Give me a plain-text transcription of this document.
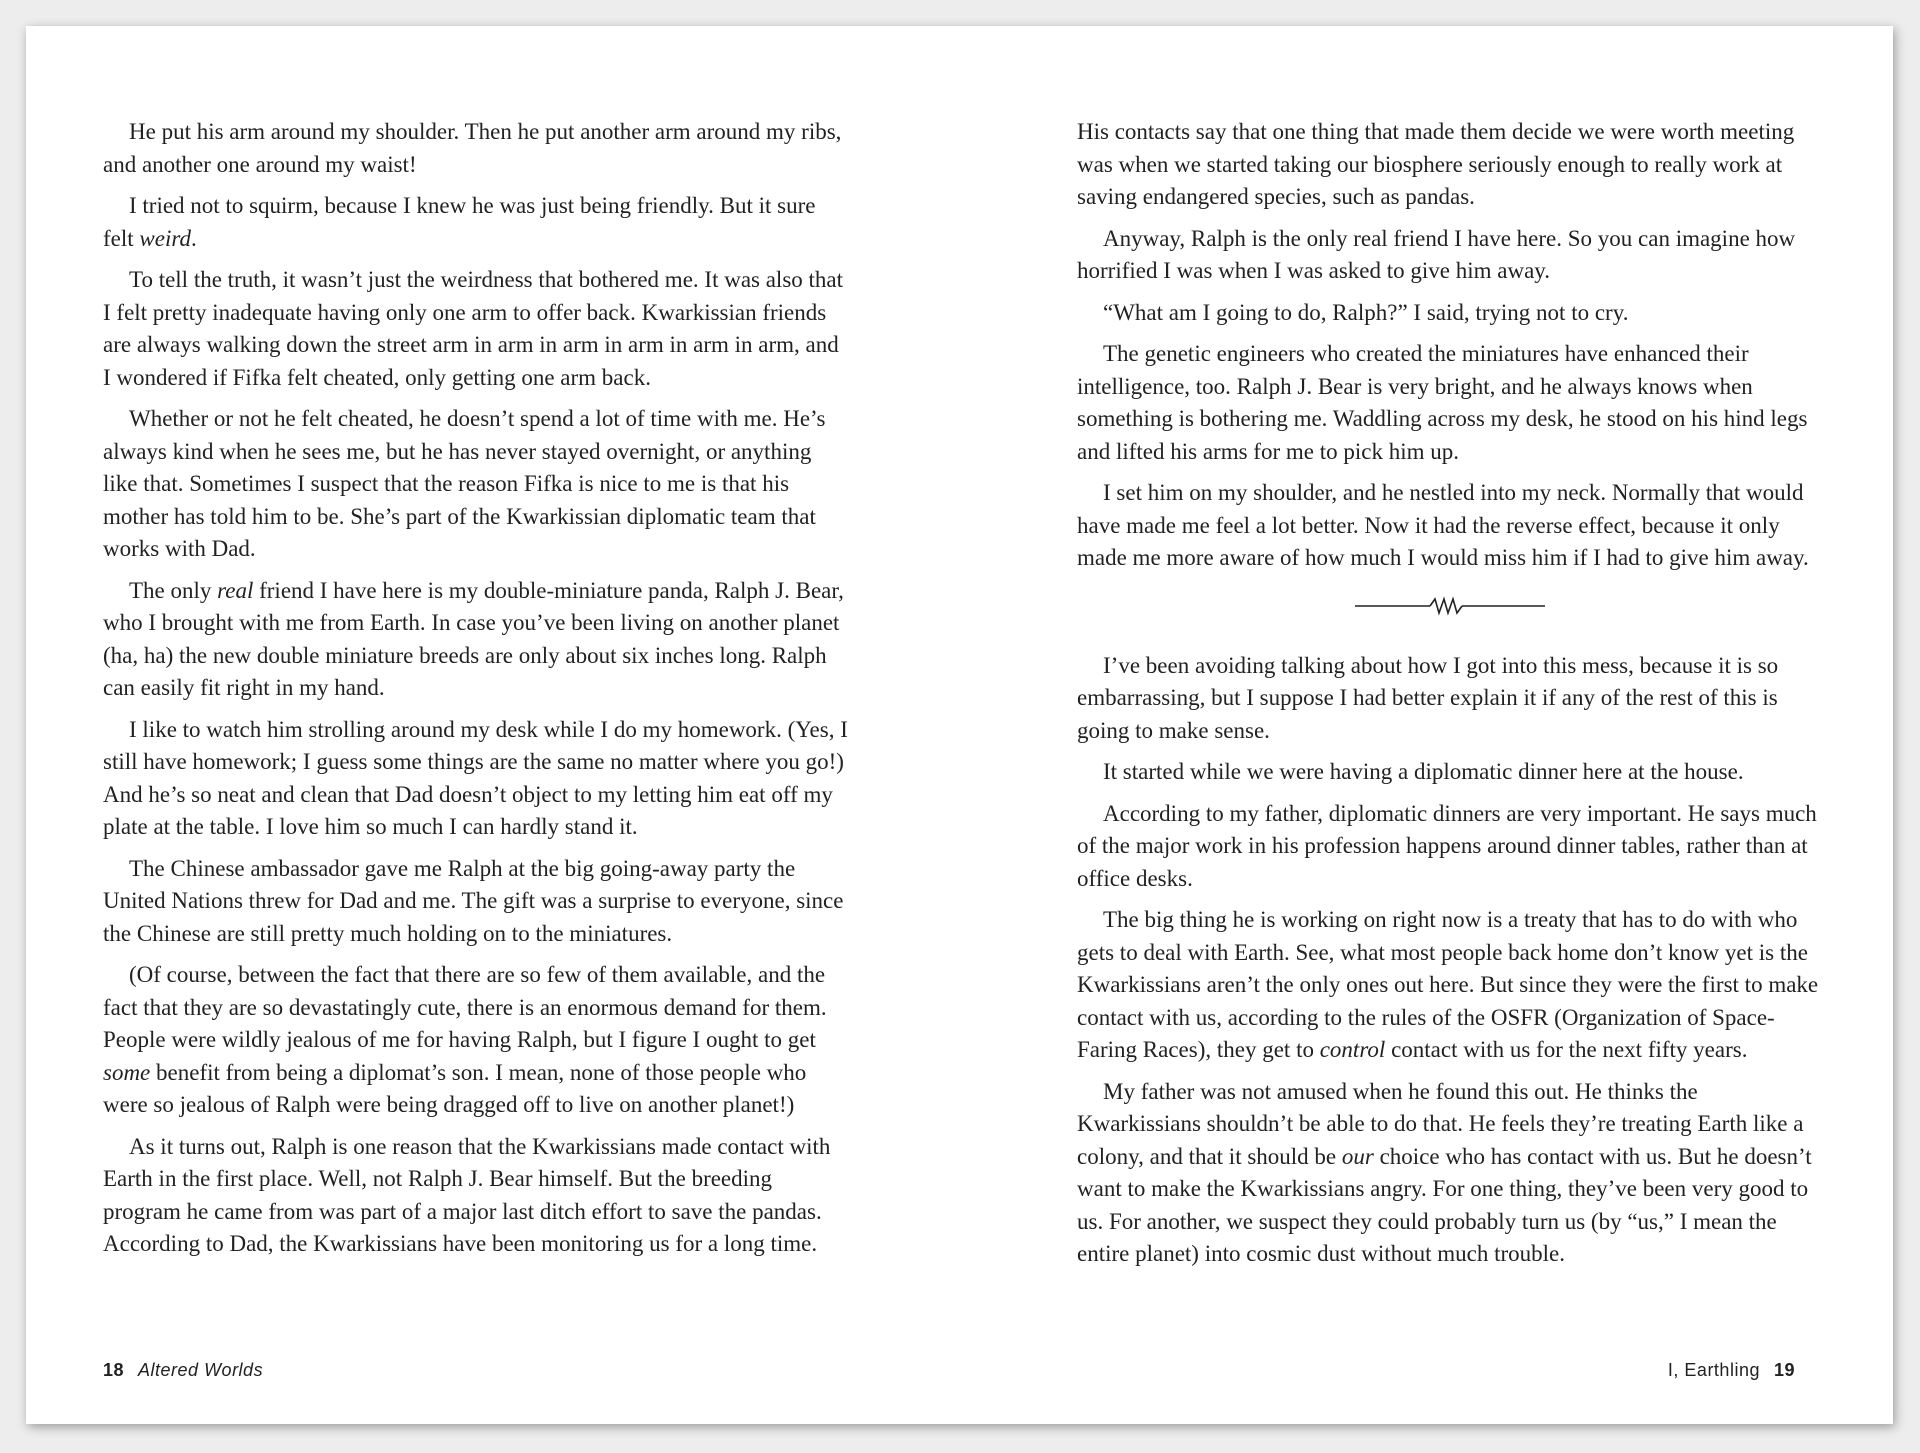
He put his arm around my shoulder. Then he put another arm around my ribs, and another one around my waist!

I tried not to squirm, because I knew he was just being friendly. But it sure felt weird.

To tell the truth, it wasn’t just the weirdness that bothered me. It was also that I felt pretty inadequate having only one arm to offer back. Kwarkissian friends are always walking down the street arm in arm in arm in arm in arm in arm, and I wondered if Fifka felt cheated, only getting one arm back.

Whether or not he felt cheated, he doesn’t spend a lot of time with me. He’s always kind when he sees me, but he has never stayed overnight, or anything like that. Sometimes I suspect that the reason Fifka is nice to me is that his mother has told him to be. She’s part of the Kwarkissian diplomatic team that works with Dad.

The only real friend I have here is my double-miniature panda, Ralph J. Bear, who I brought with me from Earth. In case you’ve been living on another planet (ha, ha) the new double miniature breeds are only about six inches long. Ralph can easily fit right in my hand.

I like to watch him strolling around my desk while I do my homework. (Yes, I still have homework; I guess some things are the same no matter where you go!) And he’s so neat and clean that Dad doesn’t object to my letting him eat off my plate at the table. I love him so much I can hardly stand it.

The Chinese ambassador gave me Ralph at the big going-away party the United Nations threw for Dad and me. The gift was a surprise to everyone, since the Chinese are still pretty much holding on to the miniatures.

(Of course, between the fact that there are so few of them available, and the fact that they are so devastatingly cute, there is an enormous demand for them. People were wildly jealous of me for having Ralph, but I figure I ought to get some benefit from being a diplomat’s son. I mean, none of those people who were so jealous of Ralph were being dragged off to live on another planet!)

As it turns out, Ralph is one reason that the Kwarkissians made contact with Earth in the first place. Well, not Ralph J. Bear himself. But the breeding program he came from was part of a major last ditch effort to save the pandas. According to Dad, the Kwarkissians have been monitoring us for a long time.

His contacts say that one thing that made them decide we were worth meeting was when we started taking our biosphere seriously enough to really work at saving endangered species, such as pandas.

Anyway, Ralph is the only real friend I have here. So you can imagine how horrified I was when I was asked to give him away.

“What am I going to do, Ralph?” I said, trying not to cry.

The genetic engineers who created the miniatures have enhanced their intelligence, too. Ralph J. Bear is very bright, and he always knows when something is bothering me. Waddling across my desk, he stood on his hind legs and lifted his arms for me to pick him up.

I set him on my shoulder, and he nestled into my neck. Normally that would have made me feel a lot better. Now it had the reverse effect, because it only made me more aware of how much I would miss him if I had to give him away.

I’ve been avoiding talking about how I got into this mess, because it is so embarrassing, but I suppose I had better explain it if any of the rest of this is going to make sense.

It started while we were having a diplomatic dinner here at the house.

According to my father, diplomatic dinners are very important. He says much of the major work in his profession happens around dinner tables, rather than at office desks.

The big thing he is working on right now is a treaty that has to do with who gets to deal with Earth. See, what most people back home don’t know yet is the Kwarkissians aren’t the only ones out here. But since they were the first to make contact with us, according to the rules of the OSFR (Organization of Space-Faring Races), they get to control contact with us for the next fifty years.

My father was not amused when he found this out. He thinks the Kwarkissians shouldn’t be able to do that. He feels they’re treating Earth like a colony, and that it should be our choice who has contact with us. But he doesn’t want to make the Kwarkissians angry. For one thing, they’ve been very good to us. For another, we suspect they could probably turn us (by “us,” I mean the entire planet) into cosmic dust without much trouble.

18 Altered Worlds	I, Earthling 19
